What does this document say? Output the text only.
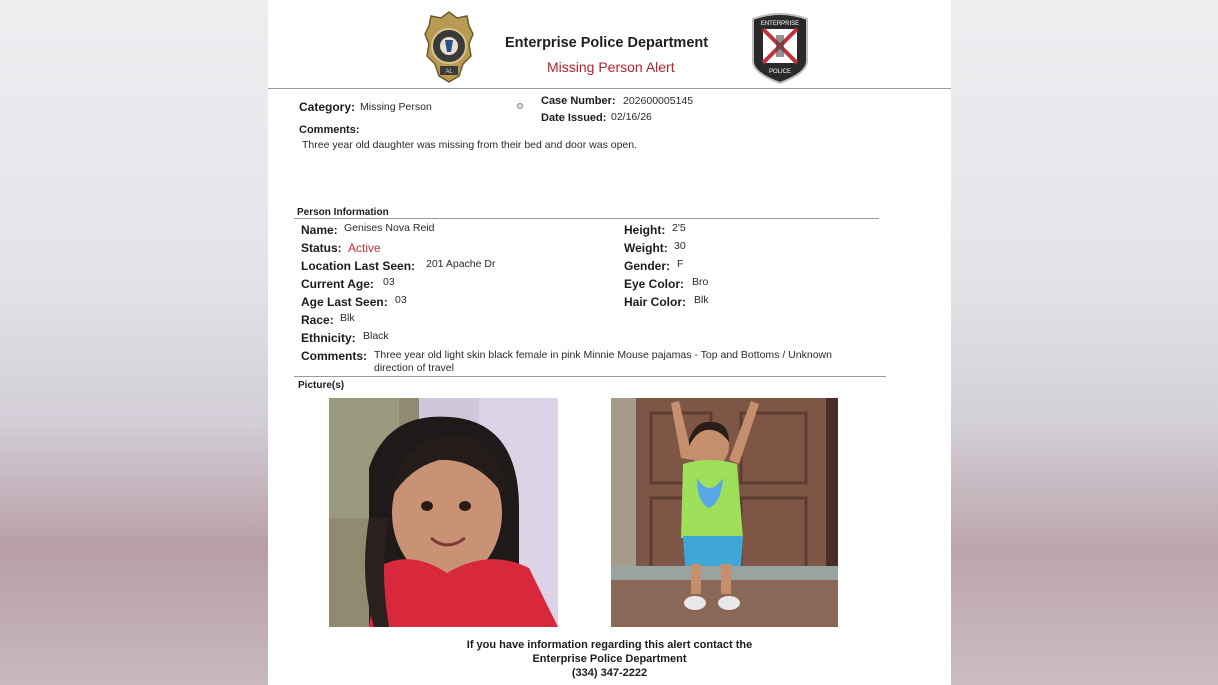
AL
Enterprise Police Department
Missing Person Alert
ENTERPRISE
POLICE
Category: Missing Person	Case Number: 202600005145
Date Issued: 02/16/26
Comments:
Three year old daughter was missing from their bed and door was open.
Person Information
Name: Genises Nova Reid
Status: Active
Location Last Seen: 201 Apache Dr
Current Age: 03
Age Last Seen: 03
Race: Blk
Ethnicity: Black
Height: 2'5
Weight: 30
Gender: F
Eye Color: Bro
Hair Color: Blk
Comments: Three year old light skin black female in pink Minnie Mouse pajamas - Top and Bottoms / Unknown
direction of travel
Picture(s)
If you have information regarding this alert contact the
Enterprise Police Department
(334) 347-2222
